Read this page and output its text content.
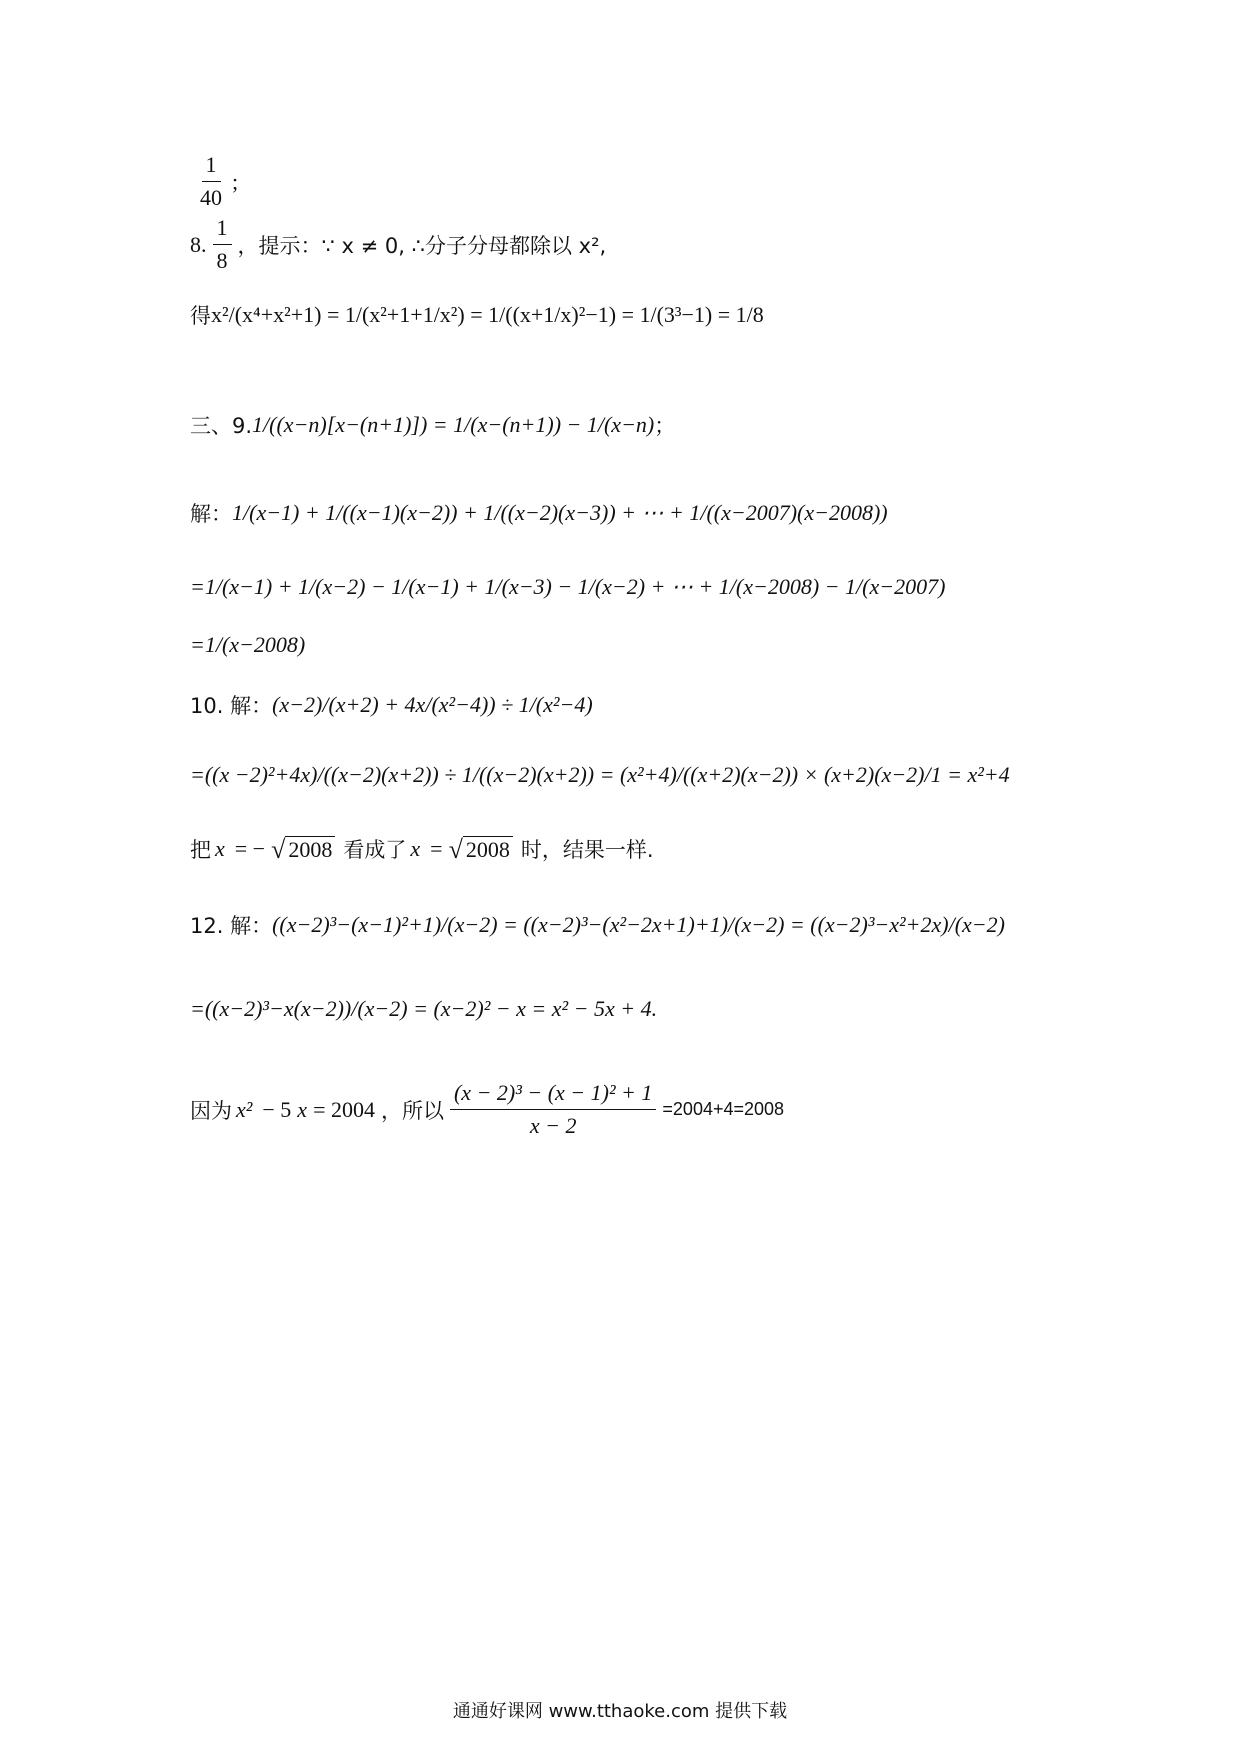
$\frac{1}{40}$ ;
8. $\frac{1}{8}$ ，提示：∵ x ≠ 0, ∴分子分母都除以 x²,
得 x²/(x⁴+x²+1) = 1/(x²+1+1/x²) = 1/((x+1/x)²−1) = 1/(3³−1) = 1/8
三、9. 1/((x−n)[x−(n+1)]) = 1/(x−(n+1)) − 1/(x−n) ；
解： 1/(x−1) + 1/((x−1)(x−2)) + 1/((x−2)(x−3)) + ⋯ + 1/((x−2007)(x−2008))
=1/(x−1) + 1/(x−2) − 1/(x−1) + 1/(x−3) − 1/(x−2) + ⋯ + 1/(x−2008) − 1/(x−2007)
=1/(x−2008)
10. 解： (x−2)/(x+2) + 4x/(x²−4)) ÷ 1/(x²−4)
=((x −2)²+4x)/((x−2)(x+2)) ÷ 1/((x−2)(x+2)) = (x²+4)/((x+2)(x−2)) × (x+2)(x−2)/1 = x²+4
把 x = − √ 2008 看成了 x = √ 2008 时，结果一样.
12. 解： ((x−2)³−(x−1)²+1)/(x−2) = ((x−2)³−(x²−2x+1)+1)/(x−2) = ((x−2)³−x²+2x)/(x−2)
=((x−2)³−x(x−2))/(x−2) = (x−2)² − x = x² − 5x + 4.
因为 x² − 5 x = 2004 ，所以 $\frac{\text{(x − 2)³ − (x − 1)² + 1}}{x - 2} =2004+4=2008$
通通好课网 www.tthaoke.com 提供下载
